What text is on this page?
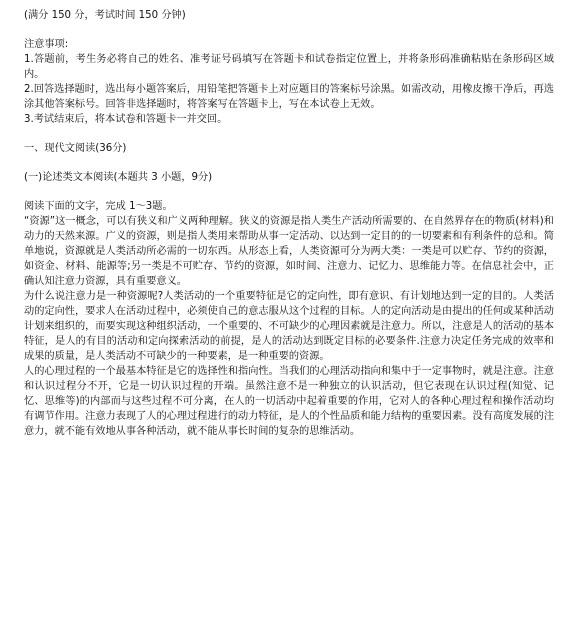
(满分 150 分，考试时间 150 分钟)

注意事项:

1.答题前，考生务必将自己的姓名、准考证号码填写在答题卡和试卷指定位置上，并将条形码准确粘贴在条形码区域内。

2.回答选择题时，选出每小题答案后，用铅笔把答题卡上对应题目的答案标号涂黑。如需改动，用橡皮擦干净后，再选涂其他答案标号。回答非选择题时，将答案写在答题卡上，写在本试卷上无效。

3.考试结束后，将本试卷和答题卡一并交回。

一、现代文阅读(36分)

(一)论述类文本阅读(本题共 3 小题，9分)

阅读下面的文字，完成 1～3题。

“资源”这一概念，可以有狭义和广义两种理解。狭义的资源是指人类生产活动所需要的、在自然界存在的物质(材料)和动力的天然来源。广义的资源，则是指人类用来帮助从事一定活动、以达到一定目的的一切要素和有利条件的总和。简单地说，资源就是人类活动所必需的一切东西。从形态上看，人类资源可分为两大类：一类是可以贮存、节约的资源，如资金、材料、能源等;另一类是不可贮存、节约的资源，如时间、注意力、记忆力、思维能力等。在信息社会中，正确认知注意力资源，具有重要意义。

为什么说注意力是一种资源呢?人类活动的一个重要特征是它的定向性，即有意识、有计划地达到一定的目的。人类活动的定向性，要求人在活动过程中，必须使自己的意志服从这个过程的目标。人的定向活动是由提出的任何或某种活动计划来组织的，而要实现这种组织活动，一个重要的、不可缺少的心理因素就是注意力。所以，注意是人的活动的基本特征，是人的有目的活动和定向探索活动的前提，是人的活动达到既定目标的必要条件.注意力决定任务完成的效率和成果的质量，是人类活动不可缺少的一种要素，是一种重要的资源。

人的心理过程的一个最基本特征是它的选择性和指向性。当我们的心理活动指向和集中于一定事物时，就是注意。注意和认识过程分不开，它是一切认识过程的开端。虽然注意不是一种独立的认识活动，但它表现在认识过程(知觉、记忆、思维等)的内部而与这些过程不可分离，在人的一切活动中起着重要的作用，它对人的各种心理过程和操作活动均有调节作用。注意力表现了人的心理过程进行的动力特征，是人的个性品质和能力结构的重要因素。没有高度发展的注意力，就不能有效地从事各种活动，就不能从事长时间的复杂的思维活动。
